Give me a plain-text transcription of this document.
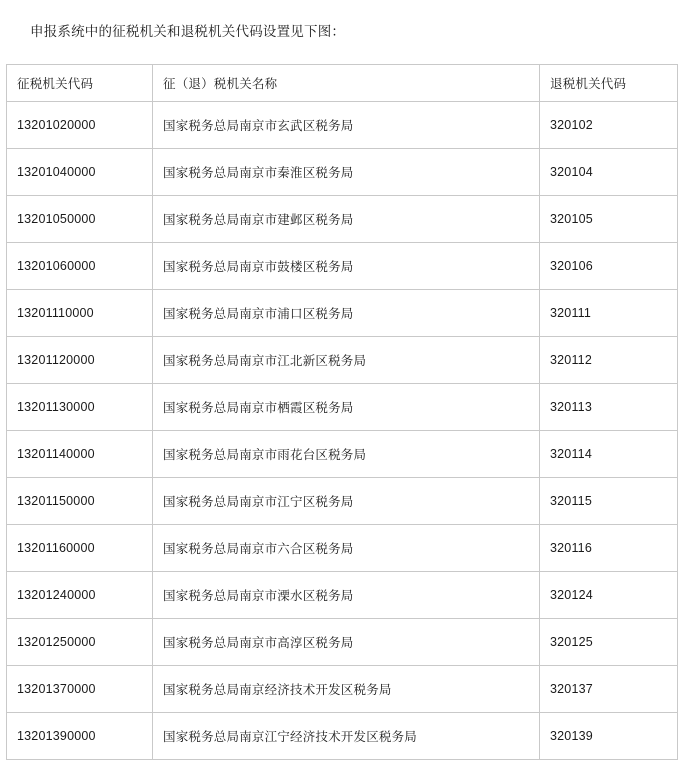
申报系统中的征税机关和退税机关代码设置见下图：

征税机关代码	征（退）税机关名称	退税机关代码
13201020000	国家税务总局南京市玄武区税务局	320102
13201040000	国家税务总局南京市秦淮区税务局	320104
13201050000	国家税务总局南京市建邺区税务局	320105
13201060000	国家税务总局南京市鼓楼区税务局	320106
13201110000	国家税务总局南京市浦口区税务局	320111
13201120000	国家税务总局南京市江北新区税务局	320112
13201130000	国家税务总局南京市栖霞区税务局	320113
13201140000	国家税务总局南京市雨花台区税务局	320114
13201150000	国家税务总局南京市江宁区税务局	320115
13201160000	国家税务总局南京市六合区税务局	320116
13201240000	国家税务总局南京市溧水区税务局	320124
13201250000	国家税务总局南京市高淳区税务局	320125
13201370000	国家税务总局南京经济技术开发区税务局	320137
13201390000	国家税务总局南京江宁经济技术开发区税务局	320139
